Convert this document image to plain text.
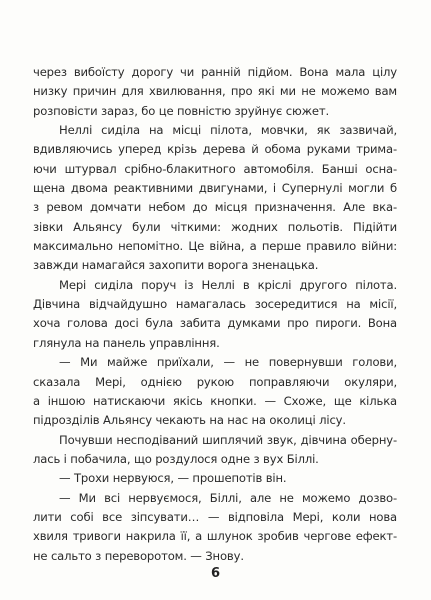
через вибоїсту дорогу чи ранній підйом. Вона мала цілу
низку причин для хвилювання, про які ми не можемо вам
розповісти зараз, бо це повністю зруйнує сюжет.
Неллі сиділа на місці пілота, мовчки, як зазвичай,
вдивляючись уперед крізь дерева й обома руками трима-
ючи штурвал срібно-блакитного автомобіля. Банші осна-
щена двома реактивними двигунами, і Супернулі могли б
з ревом домчати небом до місця призначення. Але вка-
зівки Альянсу були чіткими: жодних польотів. Підійти
максимально непомітно. Це війна, а перше правило війни:
завжди намагайся захопити ворога зненацька.
Мері сиділа поруч із Неллі в кріслі другого пілота.
Дівчина відчайдушно намагалась зосередитися на місії,
хоча голова досі була забита думками про пироги. Вона
глянула на панель управління.
— Ми майже приїхали, — не повернувши голови,
сказала Мері, однією рукою поправляючи окуляри,
а іншою натискаючи якісь кнопки. — Схоже, ще кілька
підрозділів Альянсу чекають на нас на околиці лісу.
Почувши несподіваний шиплячий звук, дівчина оберну-
лась і побачила, що роздулося одне з вух Біллі.
— Трохи нервуюся, — прошепотів він.
— Ми всі нервуємося, Біллі, але не можемо дозво-
лити собі все зіпсувати… — відповіла Мері, коли нова
хвиля тривоги накрила її, а шлунок зробив чергове ефект-
не сальто з переворотом. — Знову.
6
